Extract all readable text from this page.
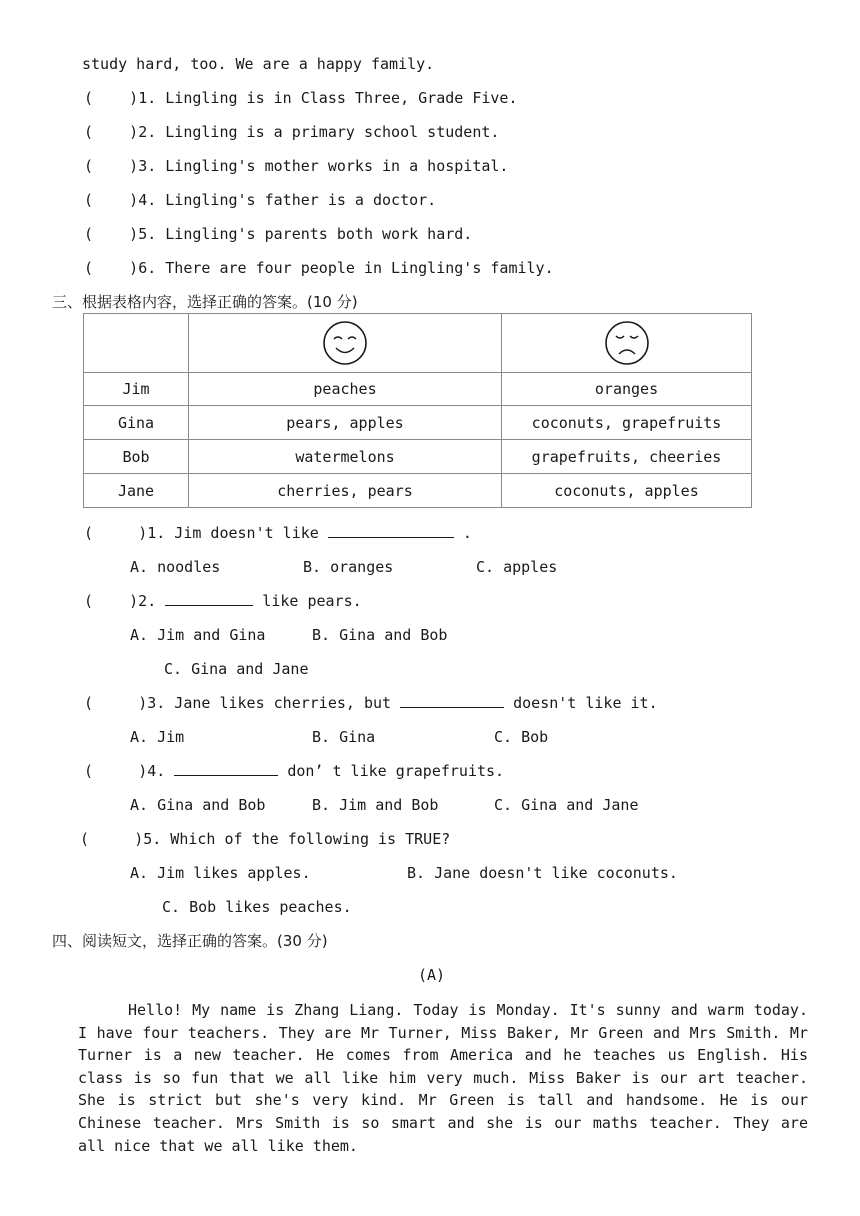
study hard, too. We are a happy family.
(    )1. Lingling is in Class Three, Grade Five.
(    )2. Lingling is a primary school student.
(    )3. Lingling's mother works in a hospital.
(    )4. Lingling's father is a doctor.
(    )5. Lingling's parents both work hard.
(    )6. There are four people in Lingling's family.
三、根据表格内容，选择正确的答案。(10 分)

Jim	peaches	oranges
Gina	pears, apples	coconuts, grapefruits
Bob	watermelons	grapefruits, cheeries
Jane	cherries, pears	coconuts, apples
(     )1. Jim doesn't like	.
A. noodles	B. oranges	C. apples
(    )2.	like pears.
A. Jim and Gina	B. Gina and Bob
C. Gina and Jane
(     )3. Jane likes cherries, but	doesn't like it.
A. Jim	B. Gina	C. Bob
(     )4.	don’ t like grapefruits.
A. Gina and Bob	B. Jim and Bob	C. Gina and Jane
(     )5. Which of the following is TRUE?
A. Jim likes apples.	B. Jane doesn't like coconuts.
C. Bob likes peaches.
四、阅读短文，选择正确的答案。(30 分)
(A)
Hello! My name is Zhang Liang. Today is Monday. It's sunny and warm today. I have four teachers. They are Mr Turner, Miss Baker, Mr Green and Mrs Smith. Mr Turner is a new teacher. He comes from America and he teaches us English. His class is so fun that we all like him very much. Miss Baker is our art teacher. She is strict but she's very kind. Mr Green is tall and handsome. He is our Chinese teacher. Mrs Smith is so smart and she is our maths teacher. They are all nice that we all like them.
